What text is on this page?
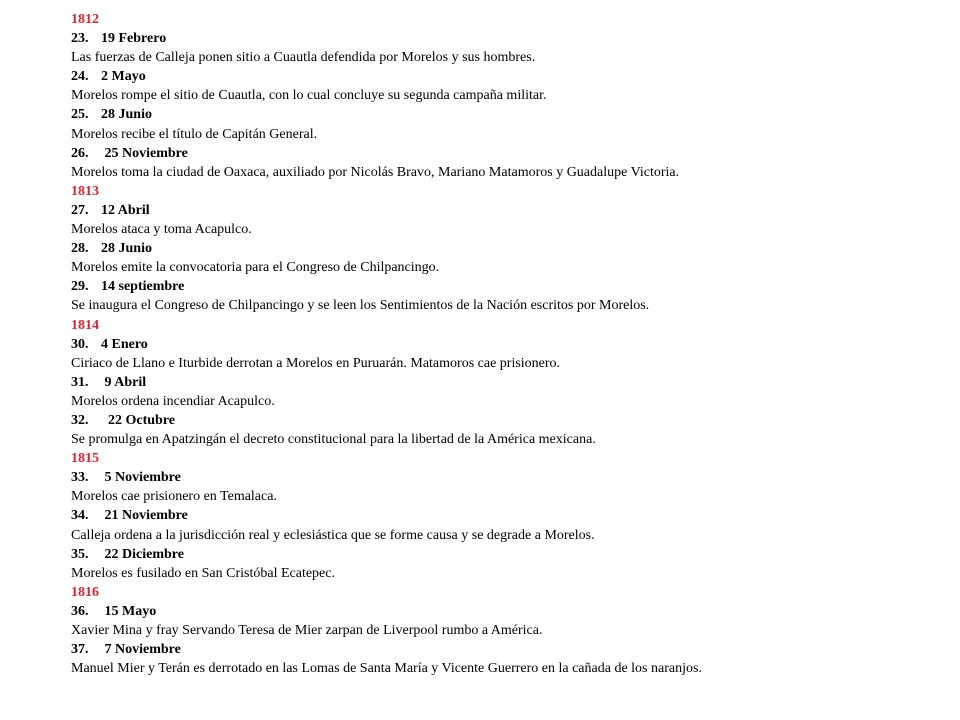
1812
23. 19 Febrero
Las fuerzas de Calleja ponen sitio a Cuautla defendida por Morelos y sus hombres.
24. 2 Mayo
Morelos rompe el sitio de Cuautla, con lo cual concluye su segunda campaña militar.
25. 28 Junio
Morelos recibe el título de Capitán General.
26. 25 Noviembre
Morelos toma la ciudad de Oaxaca, auxiliado por Nicolás Bravo, Mariano Matamoros y Guadalupe Victoria.
1813
27. 12 Abril
Morelos ataca y toma Acapulco.
28. 28 Junio
Morelos emite la convocatoria para el Congreso de Chilpancingo.
29. 14 septiembre
Se inaugura el Congreso de Chilpancingo y se leen los Sentimientos de la Nación escritos por Morelos.
1814
30. 4 Enero
Ciriaco de Llano e Iturbide derrotan a Morelos en Puruarán. Matamoros cae prisionero.
31. 9 Abril
Morelos ordena incendiar Acapulco.
32.  22 Octubre
Se promulga en Apatzingán el decreto constitucional para la libertad de la América mexicana.
1815
33. 5 Noviembre
Morelos cae prisionero en Temalaca.
34. 21 Noviembre
Calleja ordena a la jurisdicción real y eclesiástica que se forme causa y se degrade a Morelos.
35. 22 Diciembre
Morelos es fusilado en San Cristóbal Ecatepec.
1816
36. 15 Mayo
Xavier Mina y fray Servando Teresa de Mier zarpan de Liverpool rumbo a América.
37. 7 Noviembre
Manuel Mier y Terán es derrotado en las Lomas de Santa María y Vicente Guerrero en la cañada de los naranjos.
